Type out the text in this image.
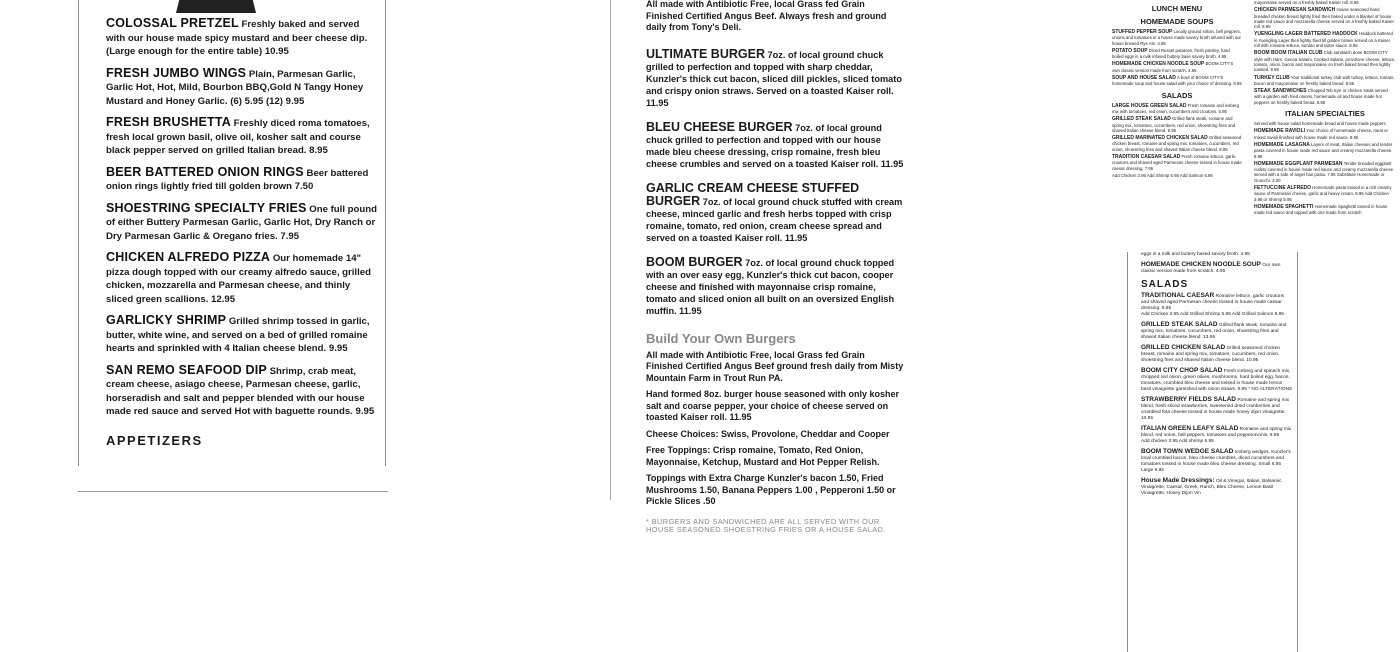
COLOSSAL PRETZEL Freshly baked and served with our house made spicy mustard and beer cheese dip. (Large enough for the entire table) 10.95
FRESH JUMBO WINGS Plain, Parmesan Garlic, Garlic Hot, Hot, Mild, Bourbon BBQ,Gold N Tangy Honey Mustard and Honey Garlic. (6) 5.95 (12) 9.95
FRESH BRUSHETTA Freshly diced roma tomatoes, fresh local grown basil, olive oil, kosher salt and course black pepper served on grilled Italian bread. 8.95
BEER BATTERED ONION RINGS Beer battered onion rings lightly fried till golden brown 7.50
SHOESTRING SPECIALTY FRIES One full pound of either Buttery Parmesan Garlic, Garlic Hot, Dry Ranch or Dry Parmesan Garlic & Oregano fries. 7.95
CHICKEN ALFREDO PIZZA Our homemade 14" pizza dough topped with our creamy alfredo sauce, grilled chicken, mozzarella and Parmesan cheese, and thinly sliced green scallions. 12.95
GARLICKY SHRIMP Grilled shrimp tossed in garlic, butter, white wine, and served on a bed of grilled romaine hearts and sprinkled with 4 Italian cheese blend. 9.95
SAN REMO SEAFOOD DIP Shrimp, crab meat, cream cheese, asiago cheese, Parmesan cheese, garlic, horseradish and salt and pepper blended with our house made red sauce and served Hot with baguette rounds. 9.95
APPETIZERS
All made with Antibiotic Free, local Grass fed Grain Finished Certified Angus Beef. Always fresh and ground daily from Tony's Deli.
ULTIMATE BURGER 7oz. of local ground chuck grilled to perfection and topped with sharp cheddar, Kunzler's thick cut bacon, sliced dill pickles, sliced tomato and crispy onion straws. Served on a toasted Kaiser roll. 11.95
BLEU CHEESE BURGER 7oz. of local ground chuck grilled to perfection and topped with our house made bleu cheese dressing, crisp romaine, fresh bleu cheese crumbles and served on a toasted Kaiser roll. 11.95
GARLIC CREAM CHEESE STUFFED BURGER 7oz. of local ground chuck stuffed with cream cheese, minced garlic and fresh herbs topped with crisp romaine, tomato, red onion, cream cheese spread and served on a toasted Kaiser roll. 11.95
BOOM BURGER 7oz. of local ground chuck topped with an over easy egg, Kunzler's thick cut bacon, cooper cheese and finished with mayonnaise crisp romaine, tomato and sliced onion all built on an oversized English muffin. 11.95
Build Your Own Burgers
All made with Antibiotic Free, local Grass fed Grain Finished Certified Angus Beef ground fresh daily from Misty Mountain Farm in Trout Run PA.
Hand formed 8oz. burger house seasoned with only kosher salt and coarse pepper, your choice of cheese served on toasted Kaiser roll. 11.95
Cheese Choices: Swiss, Provolone, Cheddar and Cooper
Free Toppings: Crisp romaine, Tomato, Red Onion, Mayonnaise, Ketchup, Mustard and Hot Pepper Relish.
Toppings with Extra Charge Kunzler's bacon 1.50, Fried Mushrooms 1.50, Banana Peppers 1.00 , Pepperoni 1.50 or Pickle Slices .50
* BURGERS AND SANDWICHED ARE ALL SERVED WITH OUR HOUSE SEASONED SHOESTRING FRIES OR A HOUSE SALAD.
LUNCH MENU
HOMEMADE SOUPS
STUFFED PEPPER SOUP Locally ground sirloin, bell peppers, onions and tomatoes in a house made savory broth infused with our house brewed Rye Ale. 4.95
POTATO SOUP Diced Russet potatoes, fresh parsley, hard boiled eggs in a milk infused buttery base savory broth. 4.95
HOMEMADE CHICKEN NOODLE SOUP BOOM CITY'S own classic version made from scratch. 4.95
SOUP AND HOUSE SALAD A bowl of BOOM CITY'S homemade soup and house salad with your choice of dressing. 8.95
SALADS
LARGE HOUSE GREEN SALAD Fresh romaine and iceberg mix with tomatoes, red onion, cucumbers and croutons. 5.95
GRILLED STEAK SALAD Grilled flank steak, romaine and spring mix, tomatoes, cucumbers, red onion, shoestring fries and shaved Italian cheese blend. 9.95
GRILLED MARINATED CHICKEN SALAD Grilled seasoned chicken breast, romaine and spring mix, tomatoes, cucumbers, red onion, shoestring fries and shaved Italian cheese blend. 8.95
TRADITION CAESAR SALAD Fresh romaine lettuce, garlic croutons and shaved aged Parmesan cheese tossed in house made caesar dressing. 7.95
Add Chicken 3.95 Add Shrimp 5.95 Add Salmon 6.95
mayonnaise served on a freshly baked Kaiser roll. 8.95
CHICKEN PARMESAN SANDWICH House seasoned hand breaded chicken breast lightly fried then baked under a blanket of house made red sauce and mozzarella cheese served on a freshly baked Kaiser roll. 8.95
YUENGLING LAGER BATTERED HADDOCK Haddock battered in Yuengling Lager then lightly fried till golden brown served on a Kaiser roll with romaine lettuce, tomato and tartar sauce. 8.95
BOOM BOOM ITALIAN CLUB Club sandwich done BOOM CITY style with Ham, Genoa Salami, Cooked Salami, provolone cheese, lettuce, tomato, onion, bacon and mayonnaise on fresh baked bread then lightly toasted. 9.95
TURKEY CLUB Your traditional turkey club with turkey, lettuce, tomato, bacon and mayonnaise on freshly baked bread. 8.95
STEAK SANDWICHES Chopped Rib Eye or chicken steak served with a garden with fried onions, homemade oil and house made hot peppers on freshly baked bread. 8.95
ITALIAN SPECIALTIES
Served with house salad homemade bread and house made peppers
HOMEMADE RAVIOLI Your choice of homemade cheese, meat or mixed ravioli finished with house made red sauce. 8.95
HOMEMADE LASAGNA Layers of meat, Italian cheeses and tender pasta covered in house made red sauce and creamy mozzarella cheese. 8.95
HOMEMADE EGGPLANT PARMESAN Tender breaded eggplant cutlets covered in house made red sauce and creamy mozzarella cheese served with a side of angel hair pasta. 7.95 Substitute Homemade or Gnocchi. 2.00
FETTUCCINE ALFREDO Homemade pasta tossed in a rich creamy sauce of Parmesan cheese, garlic and heavy cream. 8.95 Add Chicken 3.95 or Shrimp 5.95
HOMEMADE SPAGHETTI Homemade Spaghetti tossed in house made red sauce and topped with one made from scratch
eggs in a milk and buttery based savory broth. 4.95
HOMEMADE CHICKEN NOODLE SOUP Our own classic version made from scratch. 4.95
SALADS
TRADITIONAL CAESAR Romaine lettuce, garlic croutons and shaved aged Parmesan cheese tossed in house made caesar dressing. 9.95
Add Chicken 3.95 Add Grilled Shrimp 5.95 Add Grilled Salmon 8.95
GRILLED STEAK SALAD Grilled flank steak, romaine and spring mix, tomatoes, cucumbers, red onion, shoestring fries and shaved Italian cheese blend. 13.95
GRILLED CHICKEN SALAD Grilled seasoned chicken breast, romaine and spring mix, tomatoes, cucumbers, red onion, shoestring fries and shaved Italian cheese blend. 10.95
BOOM CITY CHOP SALAD Fresh iceberg and spinach mix, chopped red onion, green olives, mushrooms, hard boiled egg, bacon, tomatoes, crumbled bleu cheese and tossed in house made lemon basil vinaigrette garnished with onion straws. 9.95 * NO ALTERATIONS
STRAWBERRY FIELDS SALAD Romaine and spring mix blend, fresh sliced strawberries, sweetened dried cranberries and crumbled feta cheese tossed in house made honey dijon vinaigrette. 10.95
ITALIAN GREEN LEAFY SALAD Romaine and spring mix blend, red onion, bell peppers, tomatoes and pepperoncinis. 9.95
Add chicken 3.95 Add shrimp 5.95
BOOM TOWN WEDGE SALAD Iceberg wedges, Kunzler's local crumbled bacon, bleu cheese crumbles, diced cucumbers and tomatoes tossed in house made bleu cheese dressing. Small 6.95 Large 9.95
House Made Dressings: Oil & Vinegar, Italian, Balsamic Vinaigrette, Caesar, Greek, Ranch, Bleu Cheese, Lemon Basil Vinaigrette, Honey Dijon Vin
